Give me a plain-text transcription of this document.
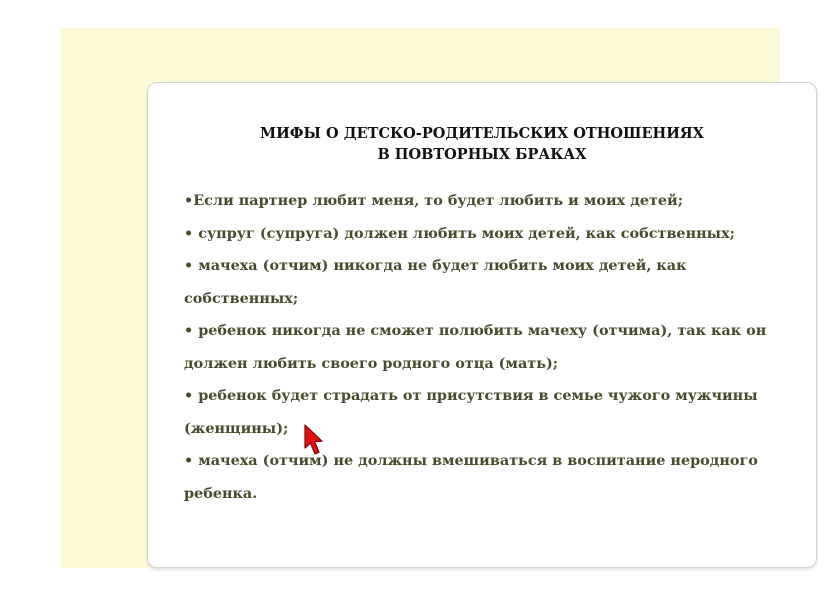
МИФЫ О ДЕТСКО-РОДИТЕЛЬСКИХ ОТНОШЕНИЯХ
В ПОВТОРНЫХ БРАКАХ
•Если партнер любит меня, то будет любить и моих детей;
• супруг (супруга) должен любить моих детей, как собственных;
• мачеха (отчим) никогда не будет любить моих детей, как
собственных;
• ребенок никогда не сможет полюбить мачеху (отчима), так как он
должен любить своего родного отца (мать);
• ребенок будет страдать от присутствия в семье чужого мужчины
(женщины);
• мачеха (отчим) не должны вмешиваться в воспитание неродного
ребенка.
